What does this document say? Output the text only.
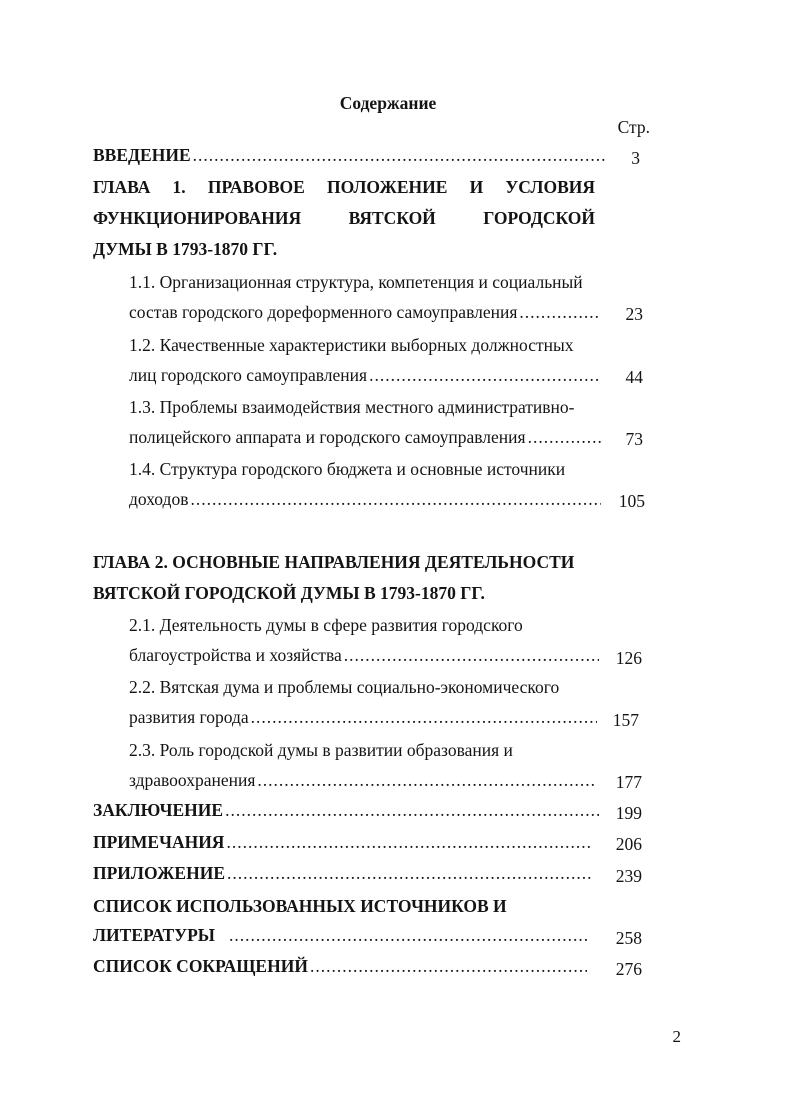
Содержание
Стр.
ВВЕДЕНИЕ .....	3
ГЛАВА 1. ПРАВОВОЕ ПОЛОЖЕНИЕ И УСЛОВИЯ
ФУНКЦИОНИРОВАНИЯ ВЯТСКОЙ ГОРОДСКОЙ
ДУМЫ В 1793-1870 ГГ.
1.1. Организационная структура, компетенция и социальный
состав городского дореформенного самоуправления .....	23
1.2. Качественные характеристики выборных должностных
лиц городского самоуправления .....	44
1.3. Проблемы взаимодействия местного административно-
полицейского аппарата и городского самоуправления .....	73
1.4. Структура городского бюджета и основные источники
доходов .....	105
ГЛАВА 2. ОСНОВНЫЕ НАПРАВЛЕНИЯ ДЕЯТЕЛЬНОСТИ
ВЯТСКОЙ ГОРОДСКОЙ ДУМЫ В 1793-1870 ГГ.
2.1. Деятельность думы в сфере развития городского
благоустройства и хозяйства .....	126
2.2. Вятская дума и проблемы социально-экономического
развития города .....	157
2.3. Роль городской думы в развитии образования и
здравоохранения .....	177
ЗАКЛЮЧЕНИЕ .....	199
ПРИМЕЧАНИЯ .....	206
ПРИЛОЖЕНИЕ .....	239
СПИСОК ИСПОЛЬЗОВАННЫХ ИСТОЧНИКОВ И
ЛИТЕРАТУРЫ .....	258
СПИСОК СОКРАЩЕНИЙ .....	276
2
